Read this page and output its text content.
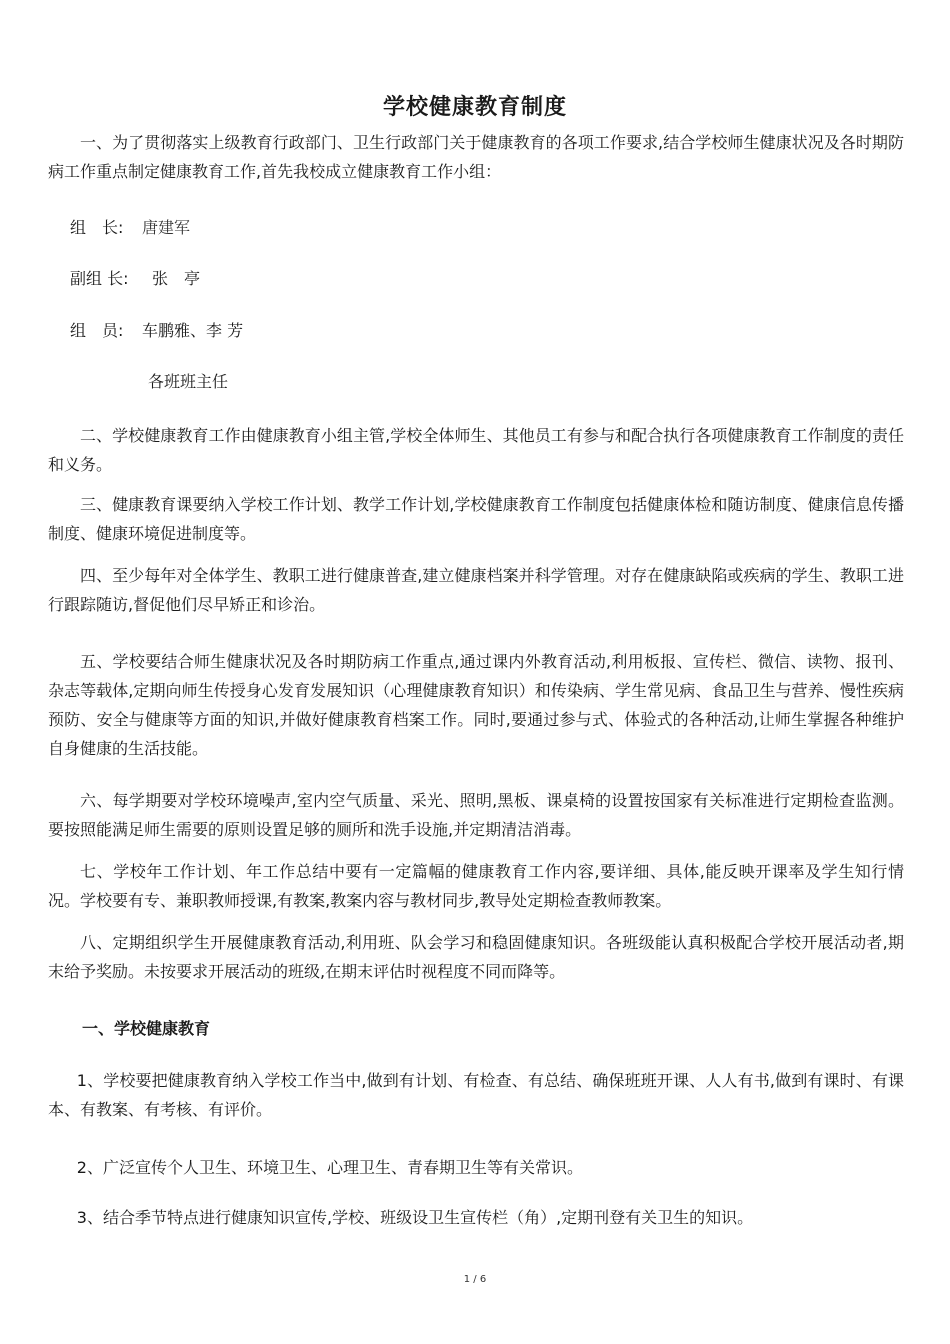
学校健康教育制度
一、为了贯彻落实上级教育行政部门、卫生行政部门关于健康教育的各项工作要求,结合学校师生健康状况及各时期防病工作重点制定健康教育工作,首先我校成立健康教育工作小组：
组　长: 唐建军
副组 长: 张　亭
组　员: 车鹏雅、李 芳
各班班主任
二、学校健康教育工作由健康教育小组主管,学校全体师生、其他员工有参与和配合执行各项健康教育工作制度的责任和义务。
三、健康教育课要纳入学校工作计划、教学工作计划,学校健康教育工作制度包括健康体检和随访制度、健康信息传播制度、健康环境促进制度等。
四、至少每年对全体学生、教职工进行健康普查,建立健康档案并科学管理。对存在健康缺陷或疾病的学生、教职工进行跟踪随访,督促他们尽早矫正和诊治。
五、学校要结合师生健康状况及各时期防病工作重点,通过课内外教育活动,利用板报、宣传栏、微信、读物、报刊、杂志等载体,定期向师生传授身心发育发展知识（心理健康教育知识）和传染病、学生常见病、食品卫生与营养、慢性疾病预防、安全与健康等方面的知识,并做好健康教育档案工作。同时,要通过参与式、体验式的各种活动,让师生掌握各种维护自身健康的生活技能。
六、每学期要对学校环境噪声,室内空气质量、采光、照明,黑板、课桌椅的设置按国家有关标准进行定期检查监测。要按照能满足师生需要的原则设置足够的厕所和洗手设施,并定期清洁消毒。
七、学校年工作计划、年工作总结中要有一定篇幅的健康教育工作内容,要详细、具体,能反映开课率及学生知行情况。学校要有专、兼职教师授课,有教案,教案内容与教材同步,教导处定期检查教师教案。
八、定期组织学生开展健康教育活动,利用班、队会学习和稳固健康知识。各班级能认真积极配合学校开展活动者,期末给予奖励。未按要求开展活动的班级,在期末评估时视程度不同而降等。
一、学校健康教育
1、学校要把健康教育纳入学校工作当中,做到有计划、有检查、有总结、确保班班开课、人人有书,做到有课时、有课本、有教案、有考核、有评价。
2、广泛宣传个人卫生、环境卫生、心理卫生、青春期卫生等有关常识。
3、结合季节特点进行健康知识宣传,学校、班级设卫生宣传栏（角）,定期刊登有关卫生的知识。
1 / 6
